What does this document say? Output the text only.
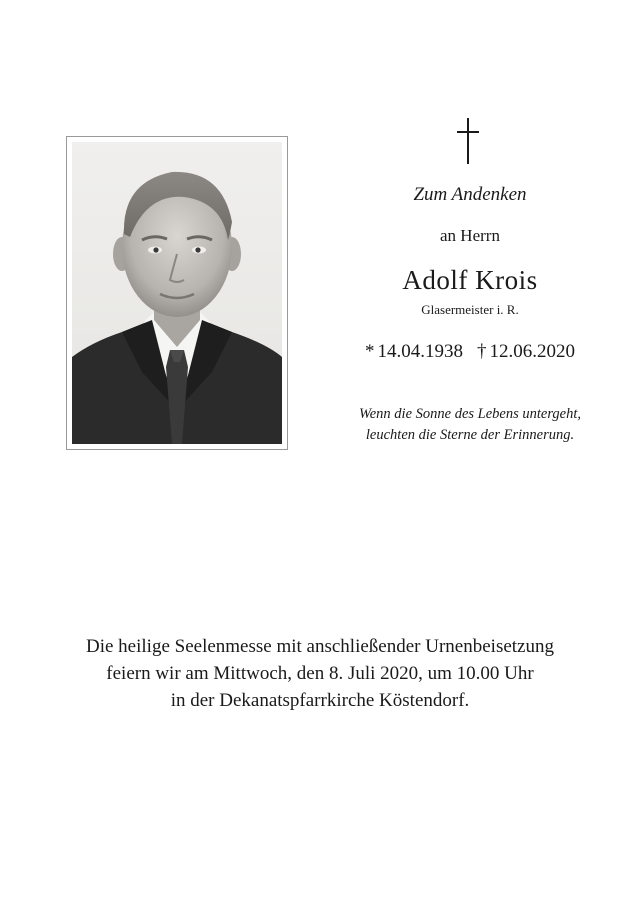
Zum Andenken
an Herrn
Adolf Krois
Glasermeister i. R.
* 14.04.1938 † 12.06.2020
Wenn die Sonne des Lebens untergeht,
leuchten die Sterne der Erinnerung.
Die heilige Seelenmesse mit anschließender Urnenbeisetzung
feiern wir am Mittwoch, den 8. Juli 2020, um 10.00 Uhr
in der Dekanatspfarrkirche Köstendorf.
